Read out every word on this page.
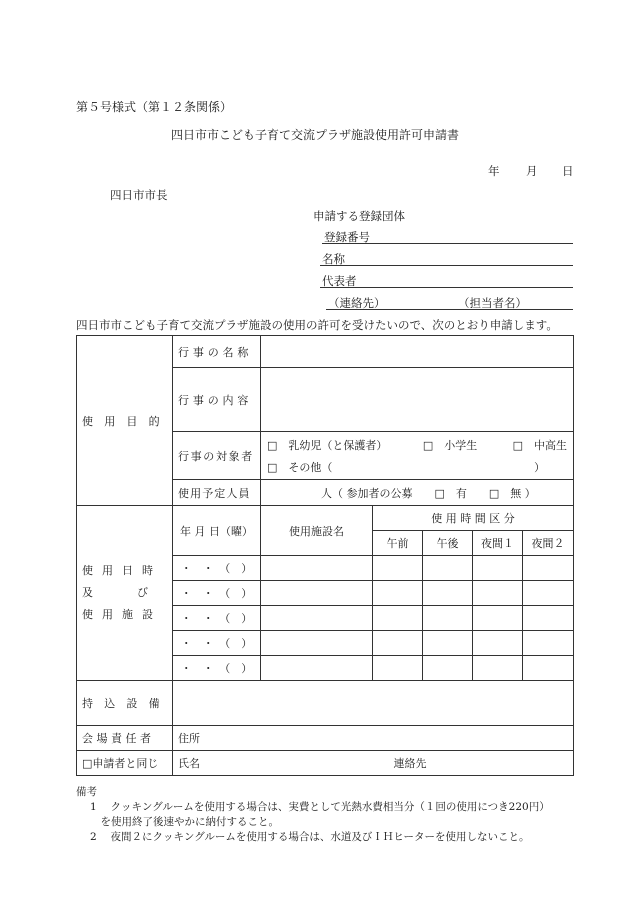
第５号様式（第１２条関係）
四日市市こども子育て交流プラザ施設使用許可申請書
年 月 日
四日市市長
申請する登録団体
登録番号
名称
代表者
（連絡先）	（担当者名）
四日市市こども子育て交流プラザ施設の使用の許可を受けたいので、次のとおり申請します。
使 用 目 的	行事の名称					
	行事の内容					
	行事の対象者	□　乳幼児（と保護者） □　小学生 □　中高生
□　その他（ ）				

	使用予定人員	人（ 参加者の公募　　□　有　　□　無 ）				

使 用 日 時
及　　　　び
使 用 施 設	年 月 日（曜）	使用施設名	使 用 時 間 区 分			
			午前	午後	夜間１	夜間２
	・　・　（　）					
	・　・　（　）					
	・　・　（　）					
	・　・　（　）					
	・　・　（　）					
持 込 設 備						
会 場 責 任 者	住所					
□申請者と同じ	氏名 連絡先					
備考
1　 クッキングルームを使用する場合は、実費として光熱水費相当分（１回の使用につき220円）
　を使用終了後速やかに納付すること。
2　 夜間２にクッキングルームを使用する場合は、水道及びＩＨヒーターを使用しないこと。
